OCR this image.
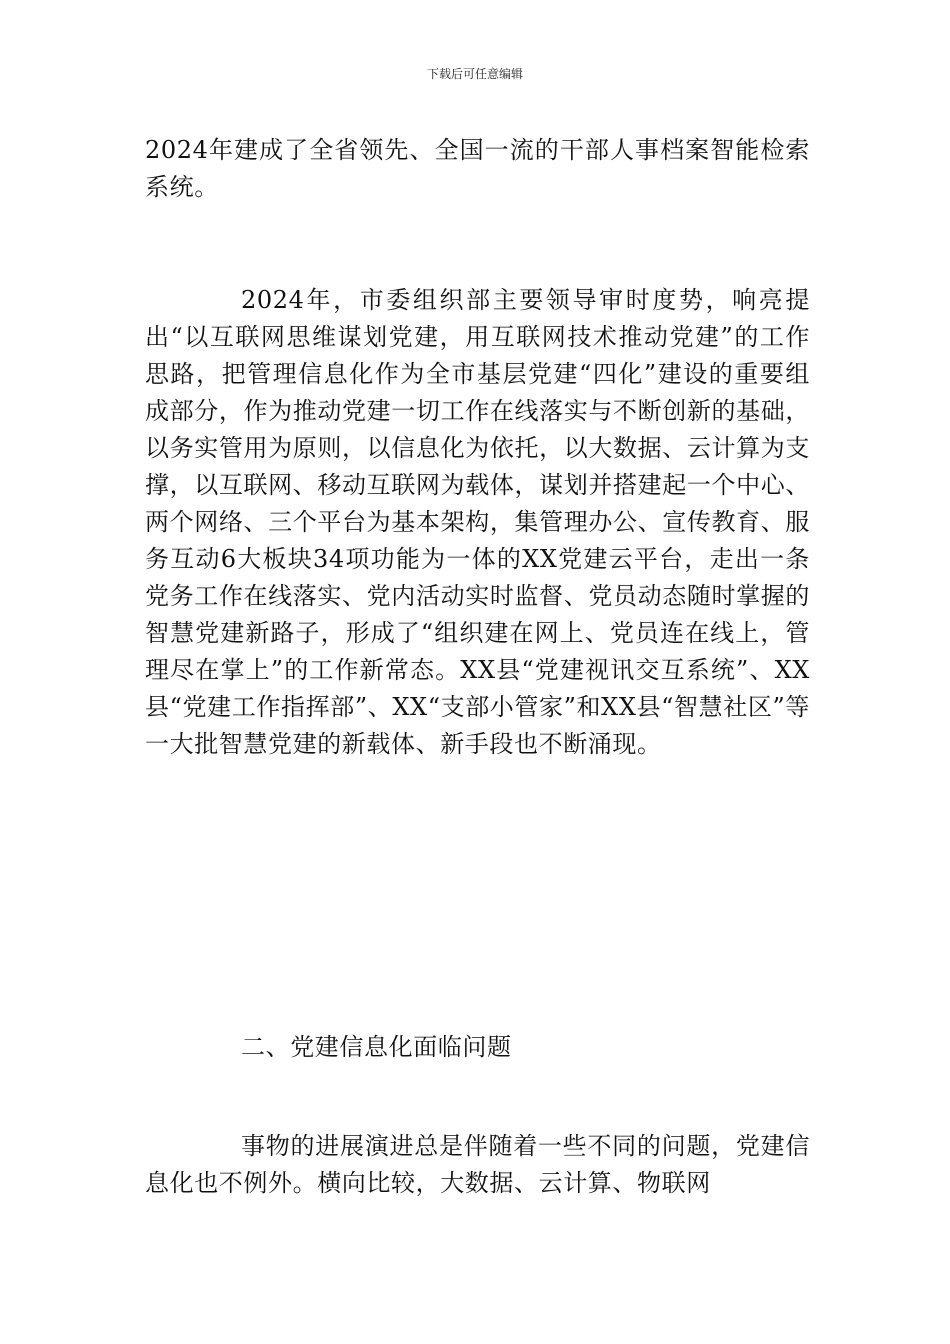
下载后可任意编辑
2024年建成了全省领先、全国一流的干部人事档案智能检索系统。
2024年，市委组织部主要领导审时度势，响亮提出“以互联网思维谋划党建，用互联网技术推动党建”的工作思路，把管理信息化作为全市基层党建“四化”建设的重要组成部分，作为推动党建一切工作在线落实与不断创新的基础，以务实管用为原则，以信息化为依托，以大数据、云计算为支撑，以互联网、移动互联网为载体，谋划并搭建起一个中心、两个网络、三个平台为基本架构，集管理办公、宣传教育、服务互动6大板块34项功能为一体的XX党建云平台，走出一条党务工作在线落实、党内活动实时监督、党员动态随时掌握的智慧党建新路子，形成了“组织建在网上、党员连在线上，管理尽在掌上”的工作新常态。XX县“党建视讯交互系统”、XX县“党建工作指挥部”、XX“支部小管家”和XX县“智慧社区”等一大批智慧党建的新载体、新手段也不断涌现。
二、党建信息化面临问题
事物的进展演进总是伴随着一些不同的问题，党建信息化也不例外。横向比较，大数据、云计算、物联网
